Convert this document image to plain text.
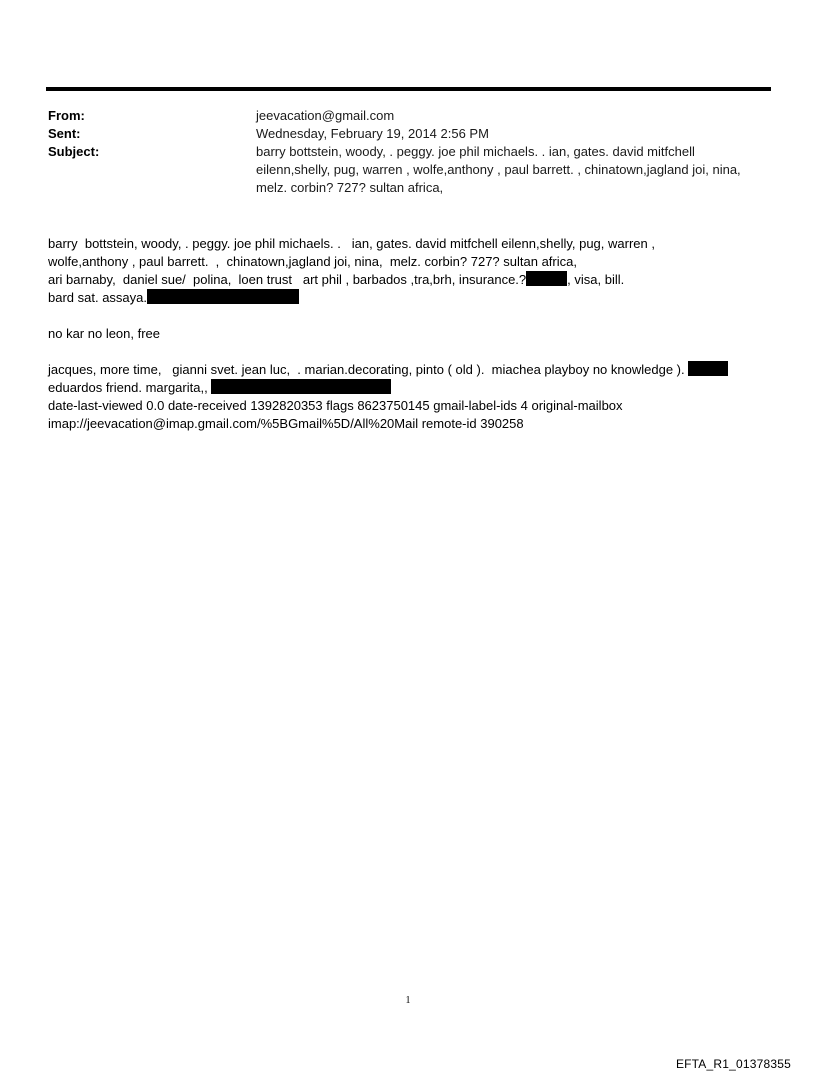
From:	jeevacation@gmail.com
Sent:	Wednesday, February 19, 2014 2:56 PM
Subject:	barry bottstein, woody, . peggy. joe phil michaels. . ian, gates. david mitfchell
eilenn,shelly, pug, warren , wolfe,anthony , paul barrett. , chinatown,jagland joi, nina,
melz. corbin? 727? sultan africa,
barry  bottstein, woody, . peggy. joe phil michaels. .   ian, gates. david mitfchell eilenn,shelly, pug, warren ,
wolfe,anthony , paul barrett.  ,  chinatown,jagland joi, nina,  melz. corbin? 727? sultan africa,
ari barnaby,  daniel sue/  polina,  loen trust   art phil , barbados ,tra,brh, insurance.?	, visa, bill.
bard sat. assaya.
no kar no leon, free
jacques, more time,   gianni svet. jean luc,  . marian.decorating, pinto ( old ).  miachea playboy no knowledge ).
eduardos friend. margarita,,
date-last-viewed 0.0 date-received 1392820353 flags 8623750145 gmail-label-ids 4 original-mailbox
imap://jeevacation@imap.gmail.com/%5BGmail%5D/All%20Mail remote-id 390258
1
EFTA_R1_01378355
